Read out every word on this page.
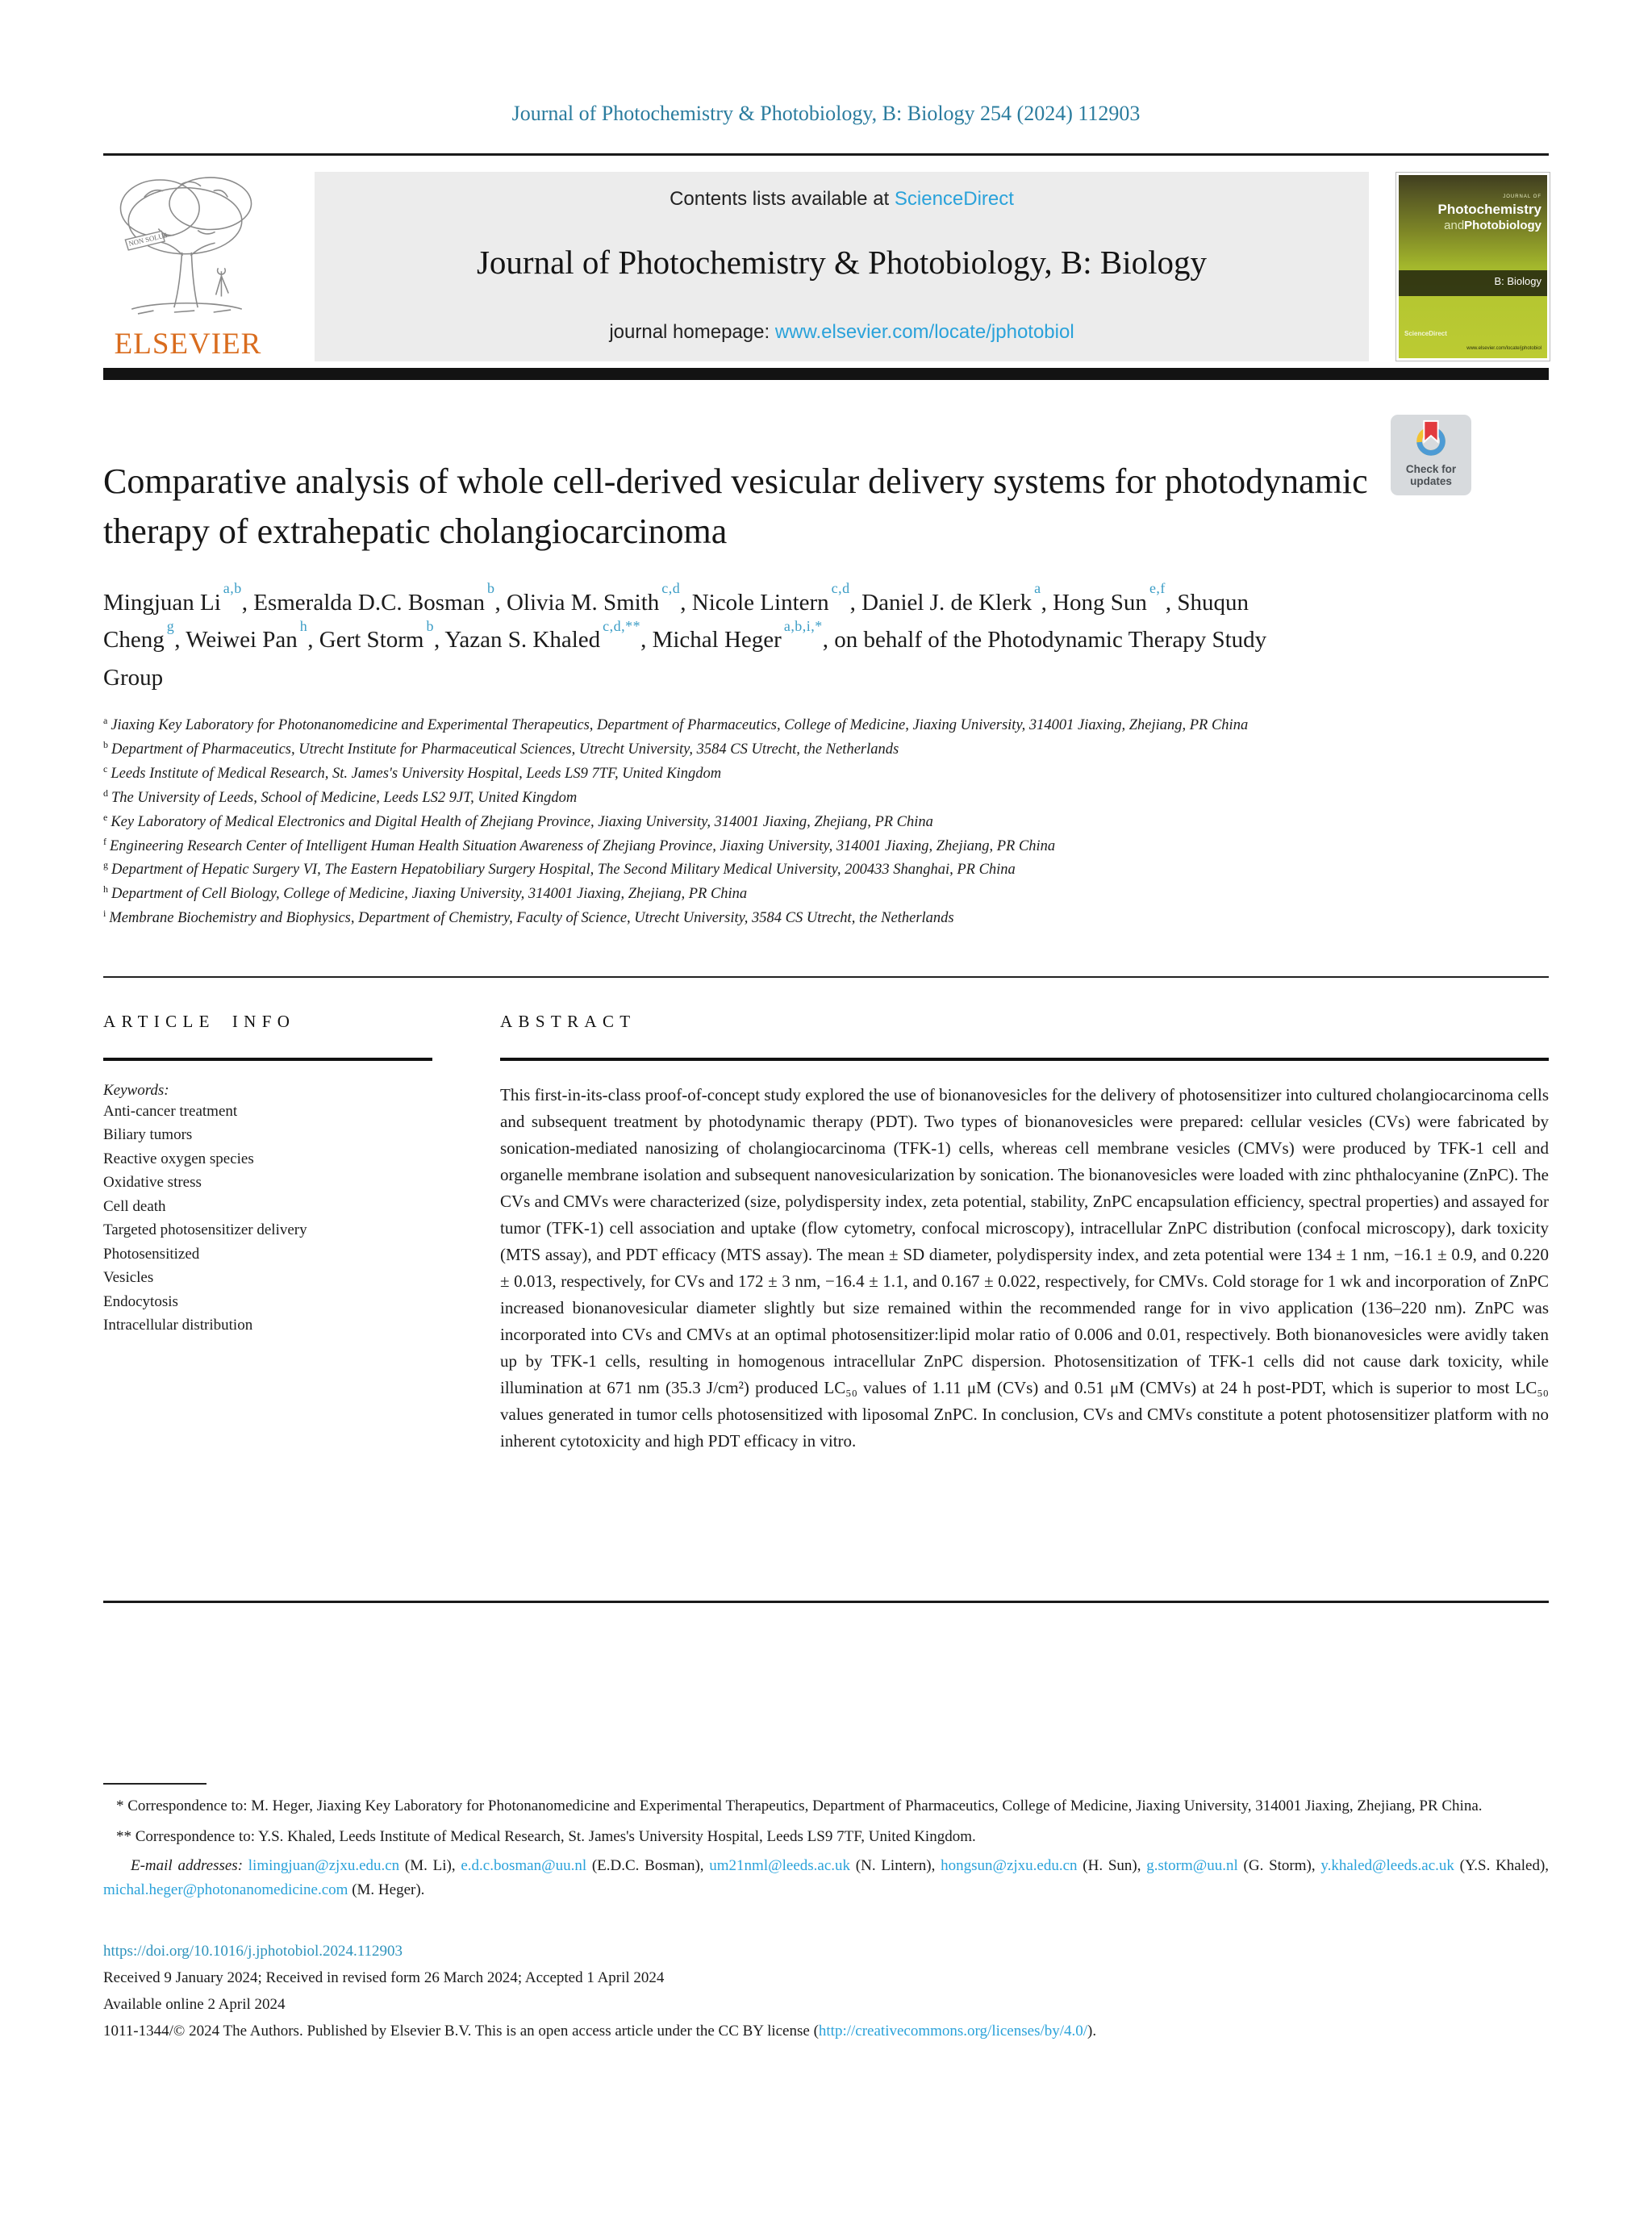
Journal of Photochemistry & Photobiology, B: Biology 254 (2024) 112903
NON SOLUS
ELSEVIER
Contents lists available at ScienceDirect
Journal of Photochemistry & Photobiology, B: Biology
journal homepage: www.elsevier.com/locate/jphotobiol
JOURNAL OF
Photochemistry
andPhotobiology
B: Biology
ScienceDirect
www.elsevier.com/locate/jphotobiol
Check for
updates
Comparative analysis of whole cell-derived vesicular delivery systems for photodynamic therapy of extrahepatic cholangiocarcinoma
Mingjuan Li$^{a,b}$, Esmeralda D.C. Bosman$^b$, Olivia M. Smith$^{c,d}$, Nicole Lintern$^{c,d}$, Daniel J. de Klerk$^a$, Hong Sun$^{e,f}$, Shuqun Cheng$^g$, Weiwei Pan$^h$, Gert Storm$^b$, Yazan S. Khaled$^{c,d,**}$, Michal Heger$^{a,b,i,*}$, on behalf of the Photodynamic Therapy Study Group
$^a$ Jiaxing Key Laboratory for Photonanomedicine and Experimental Therapeutics, Department of Pharmaceutics, College of Medicine, Jiaxing University, 314001 Jiaxing, Zhejiang, PR China
$^b$ Department of Pharmaceutics, Utrecht Institute for Pharmaceutical Sciences, Utrecht University, 3584 CS Utrecht, the Netherlands
$^c$ Leeds Institute of Medical Research, St. James's University Hospital, Leeds LS9 7TF, United Kingdom
$^d$ The University of Leeds, School of Medicine, Leeds LS2 9JT, United Kingdom
$^e$ Key Laboratory of Medical Electronics and Digital Health of Zhejiang Province, Jiaxing University, 314001 Jiaxing, Zhejiang, PR China
$^f$ Engineering Research Center of Intelligent Human Health Situation Awareness of Zhejiang Province, Jiaxing University, 314001 Jiaxing, Zhejiang, PR China
$^g$ Department of Hepatic Surgery VI, The Eastern Hepatobiliary Surgery Hospital, The Second Military Medical University, 200433 Shanghai, PR China
$^h$ Department of Cell Biology, College of Medicine, Jiaxing University, 314001 Jiaxing, Zhejiang, PR China
$^i$ Membrane Biochemistry and Biophysics, Department of Chemistry, Faculty of Science, Utrecht University, 3584 CS Utrecht, the Netherlands
ARTICLE INFO
Keywords:
Anti-cancer treatment
Biliary tumors
Reactive oxygen species
Oxidative stress
Cell death
Targeted photosensitizer delivery
Photosensitized
Vesicles
Endocytosis
Intracellular distribution
ABSTRACT
This first-in-its-class proof-of-concept study explored the use of bionanovesicles for the delivery of photosensitizer into cultured cholangiocarcinoma cells and subsequent treatment by photodynamic therapy (PDT). Two types of bionanovesicles were prepared: cellular vesicles (CVs) were fabricated by sonication-mediated nanosizing of cholangiocarcinoma (TFK-1) cells, whereas cell membrane vesicles (CMVs) were produced by TFK-1 cell and organelle membrane isolation and subsequent nanovesicularization by sonication. The bionanovesicles were loaded with zinc phthalocyanine (ZnPC). The CVs and CMVs were characterized (size, polydispersity index, zeta potential, stability, ZnPC encapsulation efficiency, spectral properties) and assayed for tumor (TFK-1) cell association and uptake (flow cytometry, confocal microscopy), intracellular ZnPC distribution (confocal microscopy), dark toxicity (MTS assay), and PDT efficacy (MTS assay). The mean ± SD diameter, polydispersity index, and zeta potential were 134 ± 1 nm, −16.1 ± 0.9, and 0.220 ± 0.013, respectively, for CVs and 172 ± 3 nm, −16.4 ± 1.1, and 0.167 ± 0.022, respectively, for CMVs. Cold storage for 1 wk and incorporation of ZnPC increased bionanovesicular diameter slightly but size remained within the recommended range for in vivo application (136–220 nm). ZnPC was incorporated into CVs and CMVs at an optimal photosensitizer:lipid molar ratio of 0.006 and 0.01, respectively. Both bionanovesicles were avidly taken up by TFK-1 cells, resulting in homogenous intracellular ZnPC dispersion. Photosensitization of TFK-1 cells did not cause dark toxicity, while illumination at 671 nm (35.3 J/cm²) produced LC₅₀ values of 1.11 μM (CVs) and 0.51 μM (CMVs) at 24 h post-PDT, which is superior to most LC₅₀ values generated in tumor cells photosensitized with liposomal ZnPC. In conclusion, CVs and CMVs constitute a potent photosensitizer platform with no inherent cytotoxicity and high PDT efficacy in vitro.
* Correspondence to: M. Heger, Jiaxing Key Laboratory for Photonanomedicine and Experimental Therapeutics, Department of Pharmaceutics, College of Medicine, Jiaxing University, 314001 Jiaxing, Zhejiang, PR China.
** Correspondence to: Y.S. Khaled, Leeds Institute of Medical Research, St. James's University Hospital, Leeds LS9 7TF, United Kingdom.
E-mail addresses: limingjuan@zjxu.edu.cn (M. Li), e.d.c.bosman@uu.nl (E.D.C. Bosman), um21nml@leeds.ac.uk (N. Lintern), hongsun@zjxu.edu.cn (H. Sun), g.storm@uu.nl (G. Storm), y.khaled@leeds.ac.uk (Y.S. Khaled), michal.heger@photonanomedicine.com (M. Heger).
https://doi.org/10.1016/j.jphotobiol.2024.112903
Received 9 January 2024; Received in revised form 26 March 2024; Accepted 1 April 2024
Available online 2 April 2024
1011-1344/© 2024 The Authors. Published by Elsevier B.V. This is an open access article under the CC BY license (http://creativecommons.org/licenses/by/4.0/).
